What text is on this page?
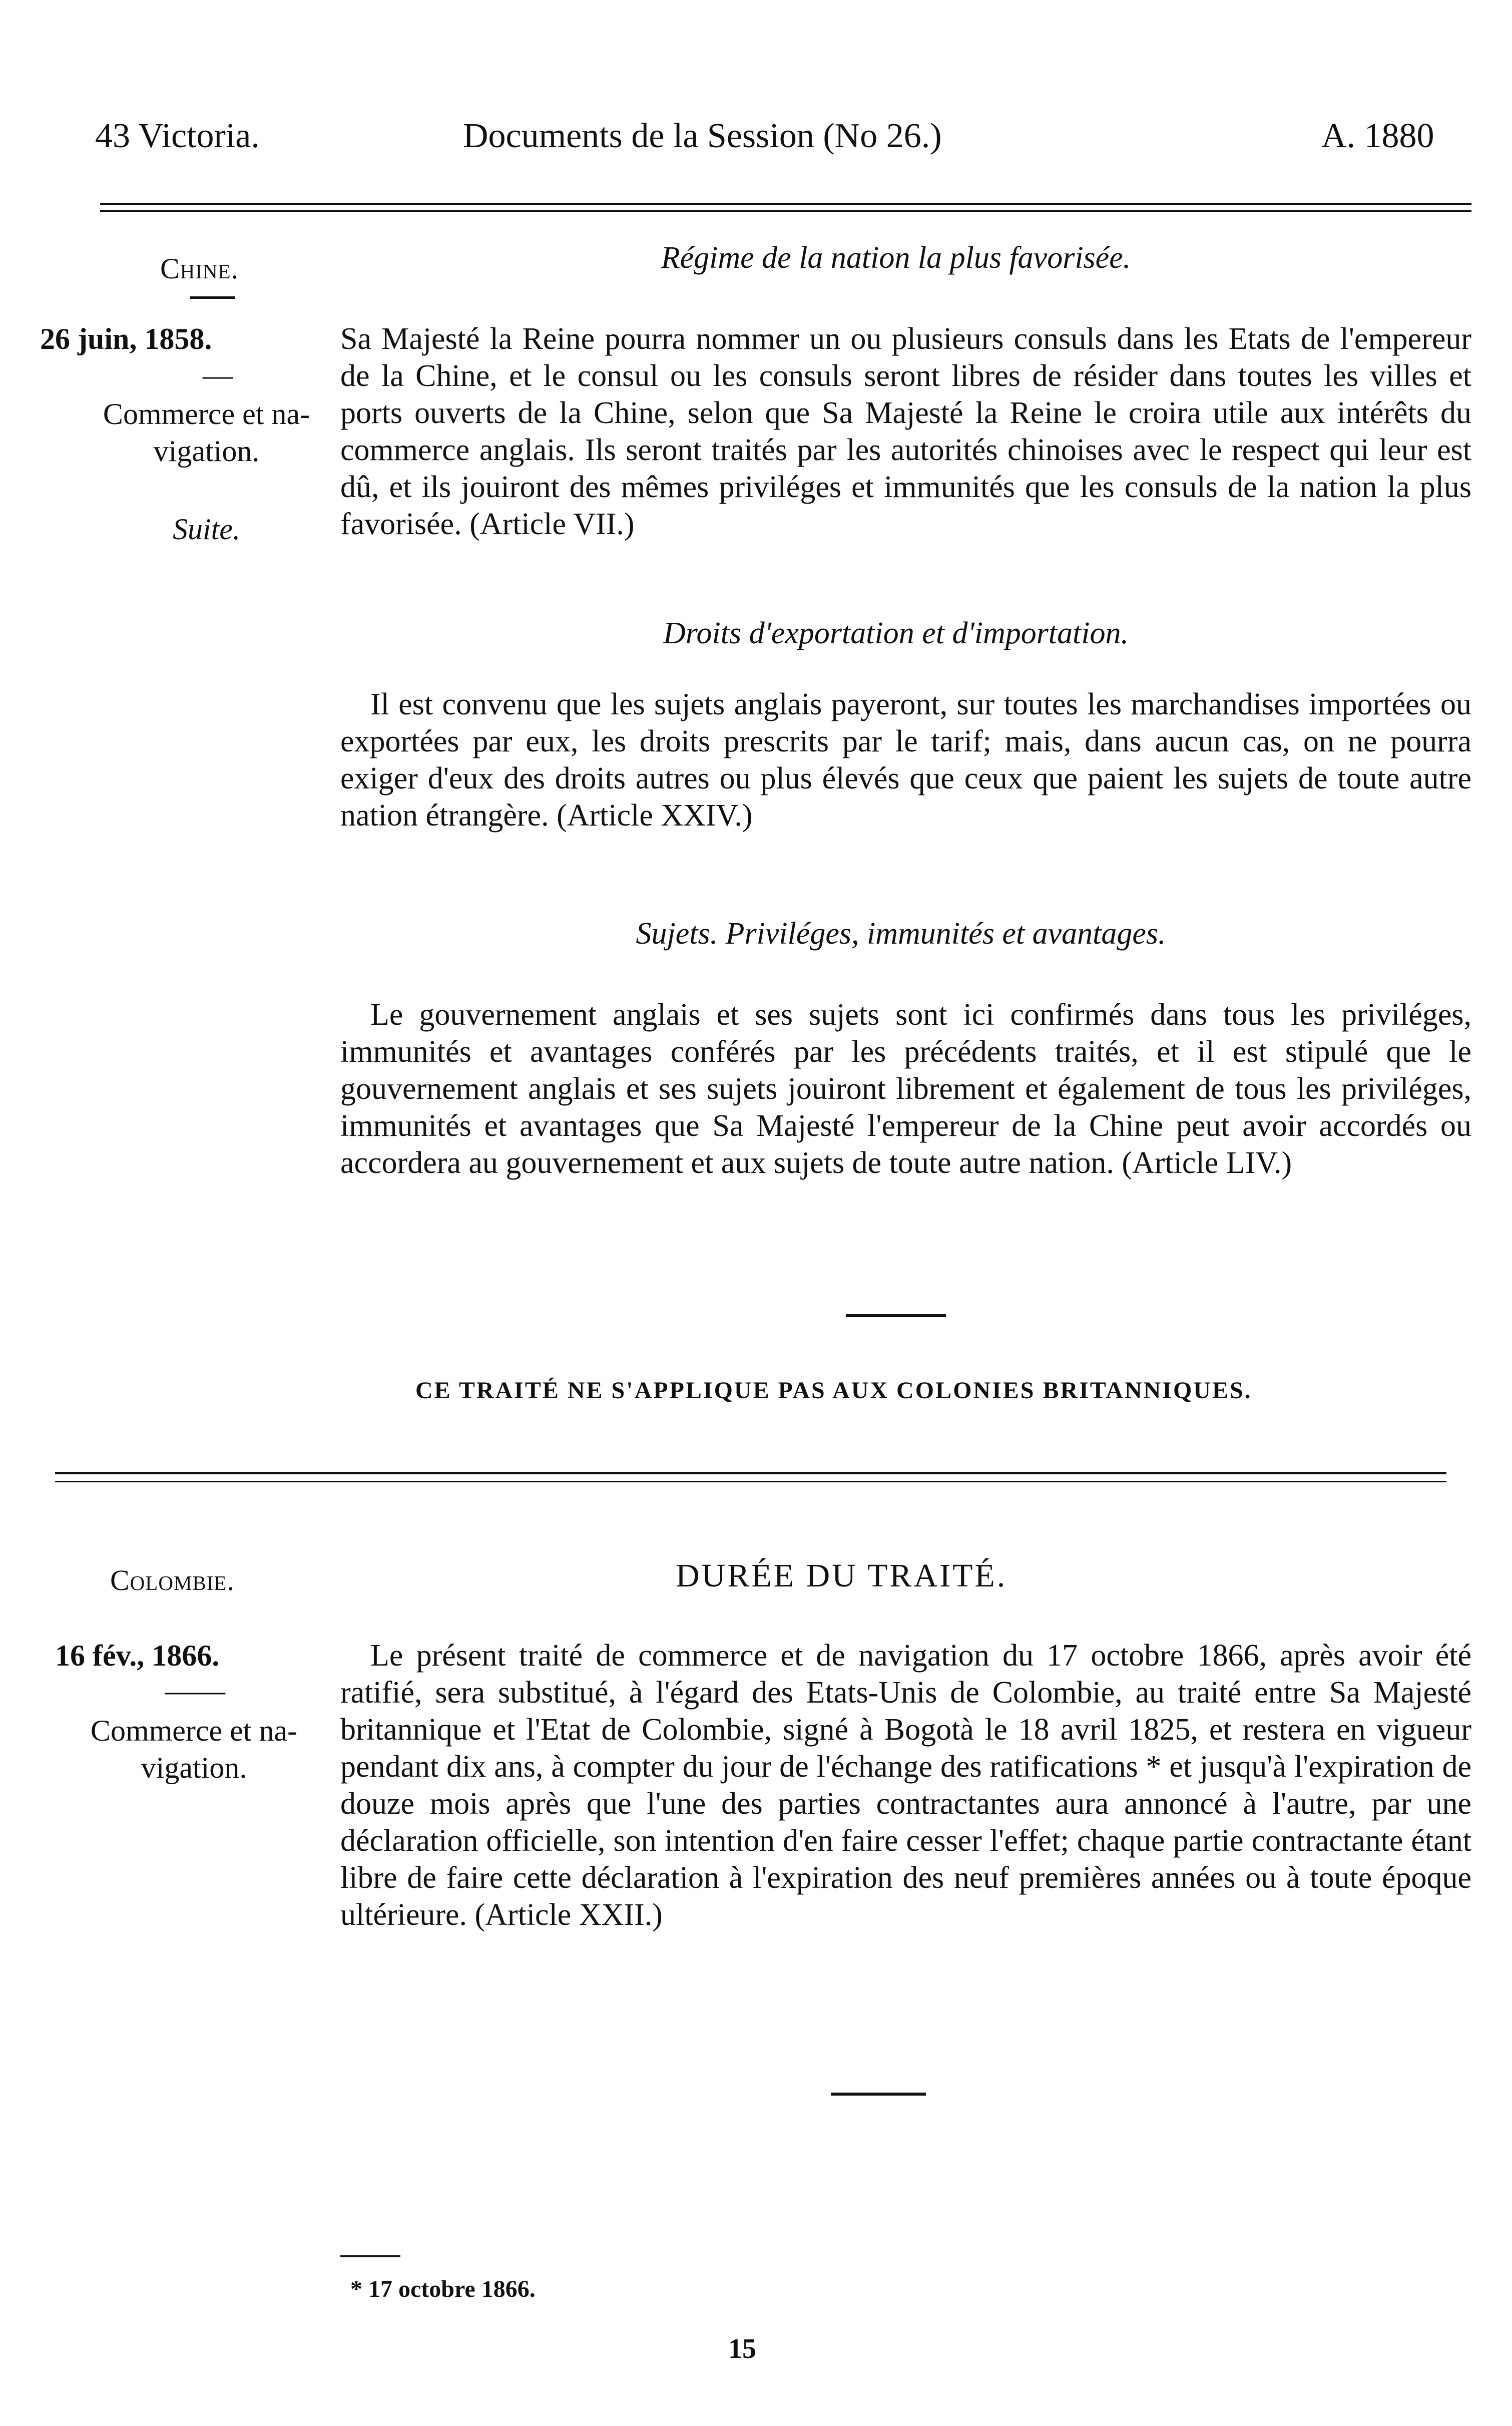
43 Victoria.	Documents de la Session (No 26.)	A. 1880
Chine.	Régime de la nation la plus favorisée.
26 juin, 1858.
—
Commerce et na-vigation.
Suite.
Sa Majesté la Reine pourra nommer un ou plusieurs consuls dans les Etats de l'empereur de la Chine, et le consul ou les consuls seront libres de résider dans toutes les villes et ports ouverts de la Chine, selon que Sa Majesté la Reine le croira utile aux intérêts du commerce anglais. Ils seront traités par les autorités chinoises avec le respect qui leur est dû, et ils jouiront des mêmes priviléges et immunités que les consuls de la nation la plus favorisée. (Article VII.)
Droits d'exportation et d'importation.
Il est convenu que les sujets anglais payeront, sur toutes les marchandises importées ou exportées par eux, les droits prescrits par le tarif; mais, dans aucun cas, on ne pourra exiger d'eux des droits autres ou plus élevés que ceux que paient les sujets de toute autre nation étrangère. (Article XXIV.)
Sujets. Priviléges, immunités et avantages.
Le gouvernement anglais et ses sujets sont ici confirmés dans tous les priviléges, immunités et avantages conférés par les précédents traités, et il est stipulé que le gouvernement anglais et ses sujets jouiront librement et également de tous les priviléges, immunités et avantages que Sa Majesté l'empereur de la Chine peut avoir accordés ou accordera au gouvernement et aux sujets de toute autre nation. (Article LIV.)
CE TRAITÉ NE S'APPLIQUE PAS AUX COLONIES BRITANNIQUES.
Colombie.	DURÉE DU TRAITÉ.
16 fév., 1866.
——
Commerce et na-vigation.
Le présent traité de commerce et de navigation du 17 octobre 1866, après avoir été ratifié, sera substitué, à l'égard des Etats-Unis de Colombie, au traité entre Sa Majesté britannique et l'Etat de Colombie, signé à Bogotà le 18 avril 1825, et restera en vigueur pendant dix ans, à compter du jour de l'échange des ratifications * et jusqu'à l'expiration de douze mois après que l'une des parties contractantes aura annoncé à l'autre, par une déclaration officielle, son intention d'en faire cesser l'effet; chaque partie contractante étant libre de faire cette déclaration à l'expiration des neuf premières années ou à toute époque ultérieure. (Article XXII.)
* 17 octobre 1866.
15
